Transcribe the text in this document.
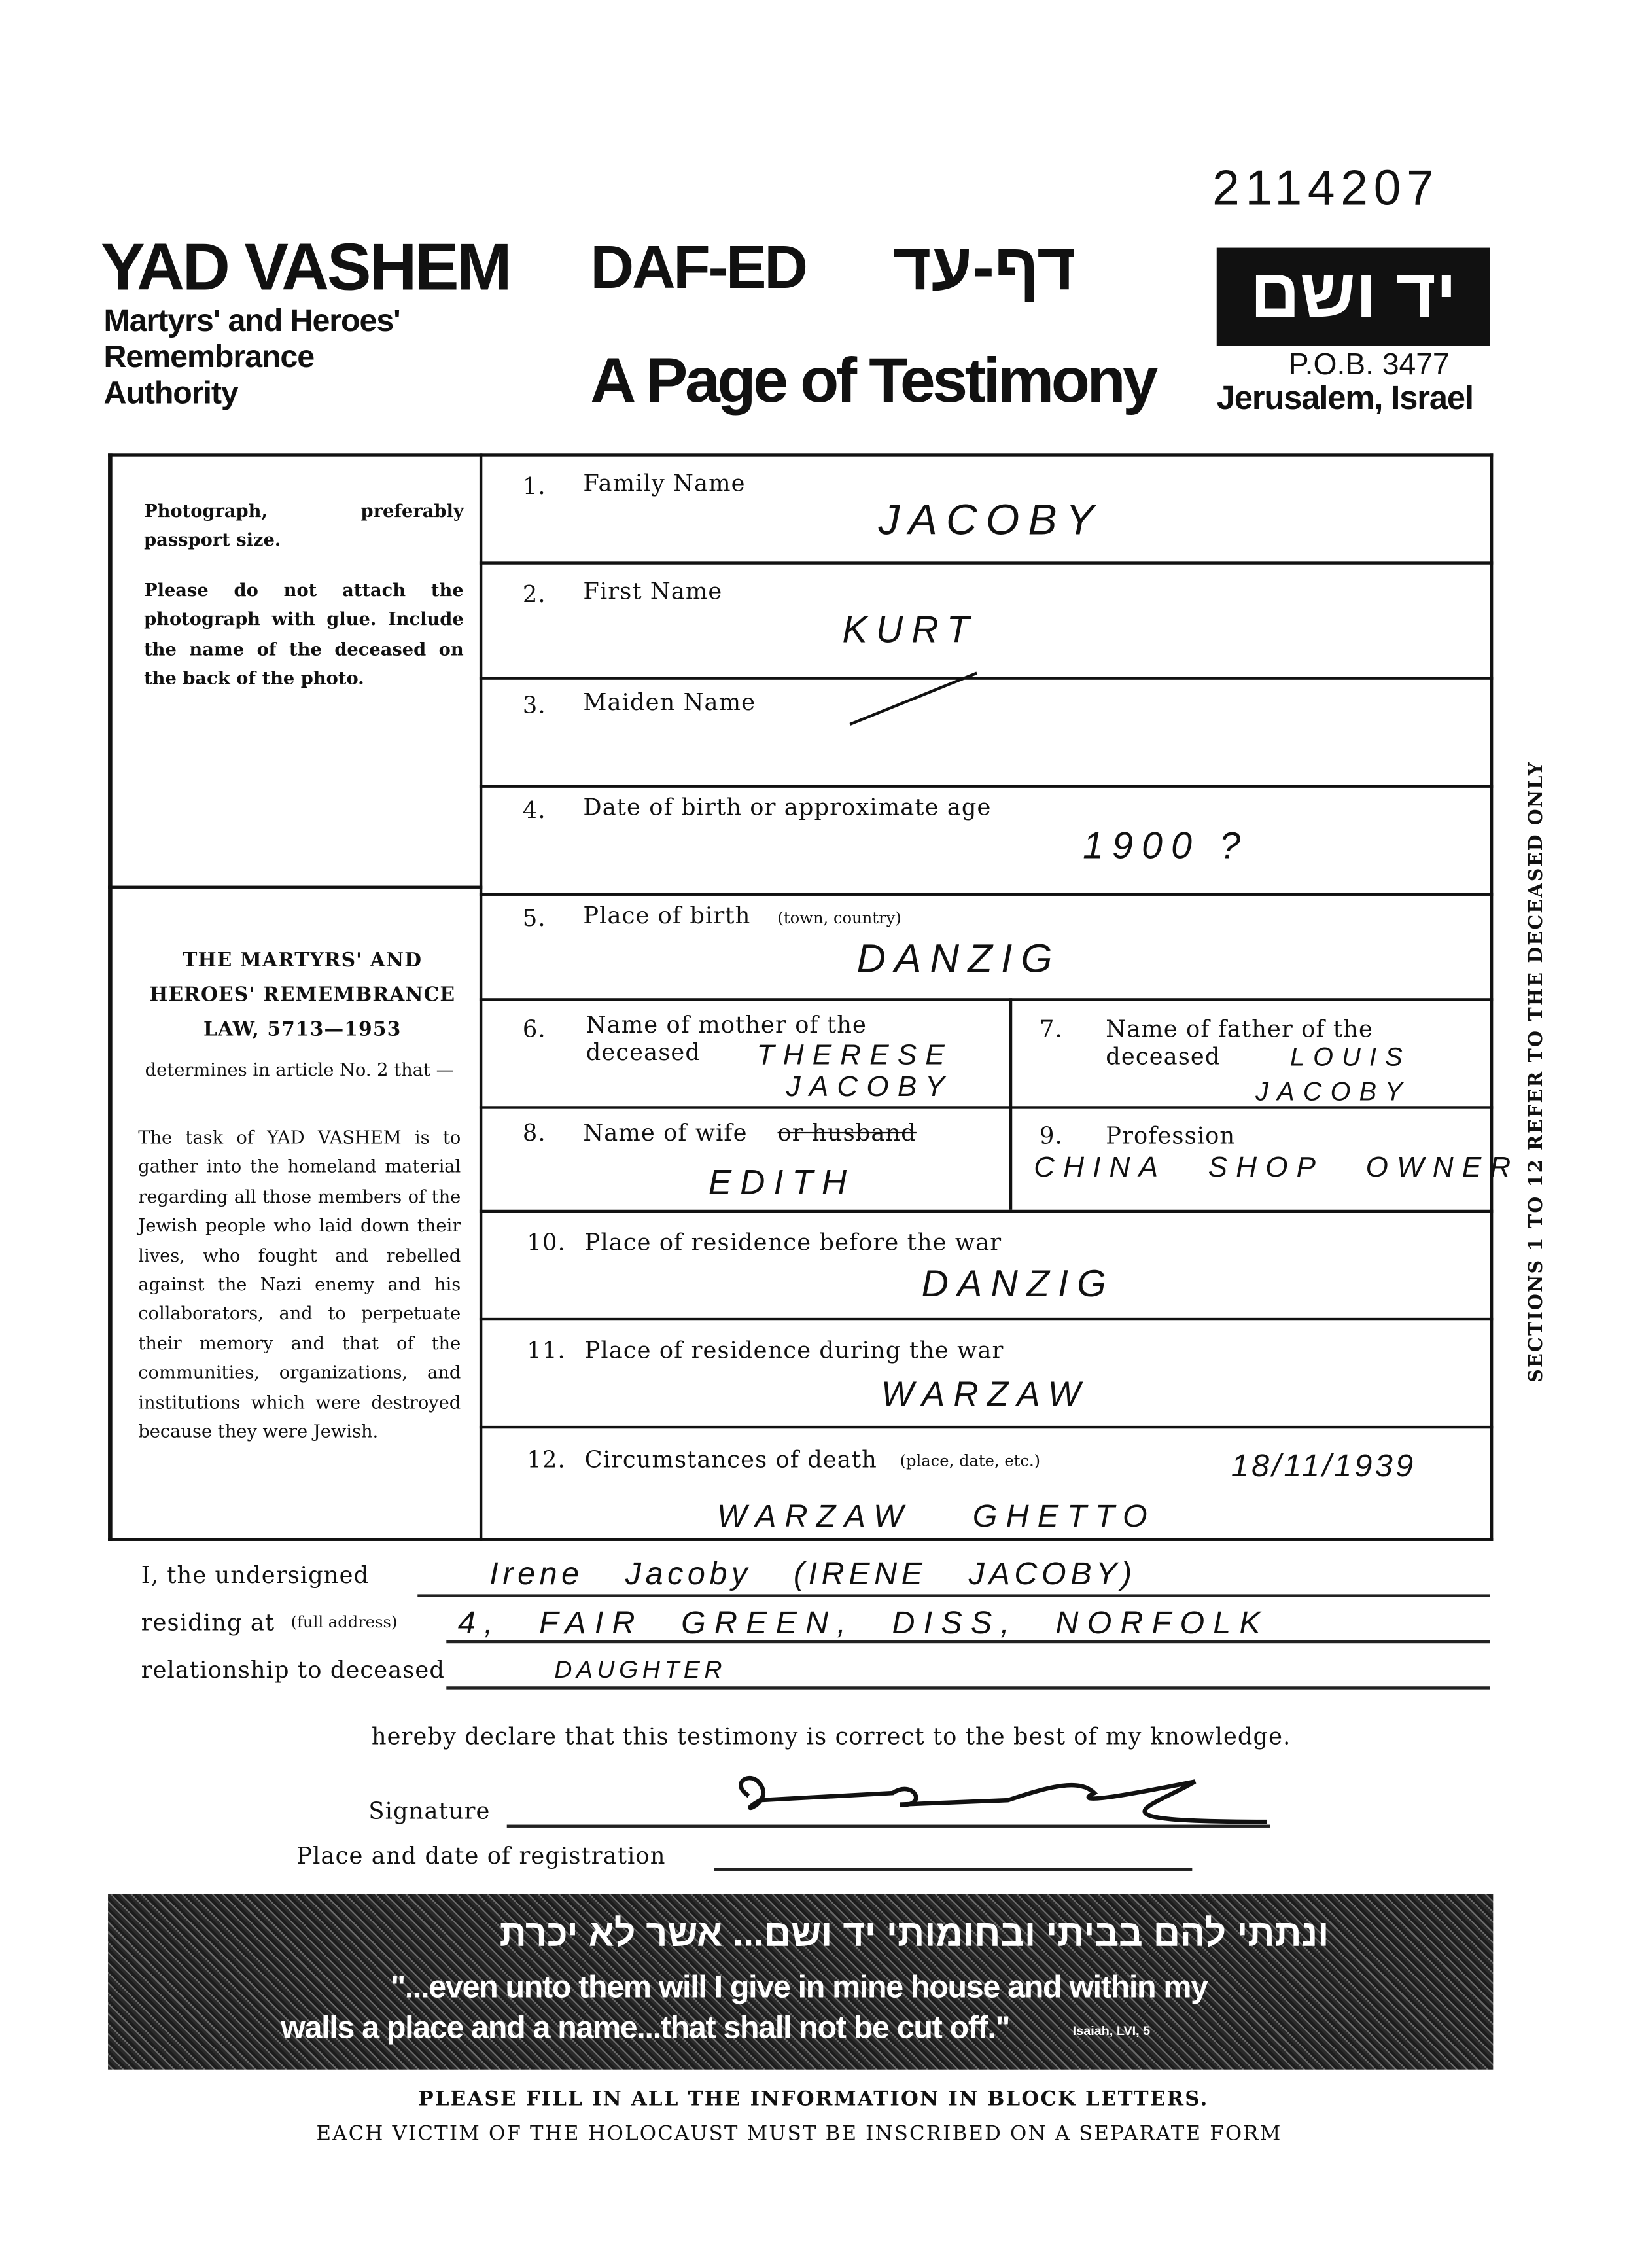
2114207
YAD VASHEM
Martyrs' and Heroes'
Remembrance
Authority
DAF-ED	דף-עד	יד ושם
P.O.B. 3477
Jerusalem, Israel
A Page of Testimony
Photograph, preferably passport size.
Please do not attach the photograph with glue. Include the name of the deceased on the back of the photo.
THE MARTYRS' AND
HEROES' REMEMBRANCE
LAW, 5713—1953
determines in article No. 2 that —
The task of YAD VASHEM is to gather into the homeland material regarding all those members of the Jewish people who laid down their lives, who fought and rebelled against the Nazi enemy and his collaborators, and to perpetuate their memory and that of the communities, organizations, and institutions which were destroyed because they were Jewish.
1.	Family Name
JACOBY
2.	First Name
KURT
3.	Maiden Name
4.	Date of birth or approximate age
1900 ?
5.	Place of birth	(town, country)
DANZIG
6.	Name of mother of the deceased	THERESE JACOBY
7.	Name of father of the deceased	LOUIS JACOBY
8.	Name of wife	or husband
EDITH
9.	Profession
CHINA SHOP OWNER
10. Place of residence before the war
DANZIG
11. Place of residence during the war
WARZAW
12. Circumstances of death	(place, date, etc.)	18/11/1939
WARZAW GHETTO
SECTIONS 1 TO 12 REFER TO THE DECEASED ONLY
I, the undersigned	Irene Jacoby (IRENE JACOBY)
residing at (full address)	4, FAIR GREEN, DISS, NORFOLK
relationship to deceased	DAUGHTER
hereby declare that this testimony is correct to the best of my knowledge.
Signature
Place and date of registration
ונתתי להם בביתי ובחומותי יד ושם... אשר לא יכרת
"...even unto them will I give in mine house and within my
walls a place and a name...that shall not be cut off."	Isaiah, LVI, 5
PLEASE FILL IN ALL THE INFORMATION IN BLOCK LETTERS.
EACH VICTIM OF THE HOLOCAUST MUST BE INSCRIBED ON A SEPARATE FORM
